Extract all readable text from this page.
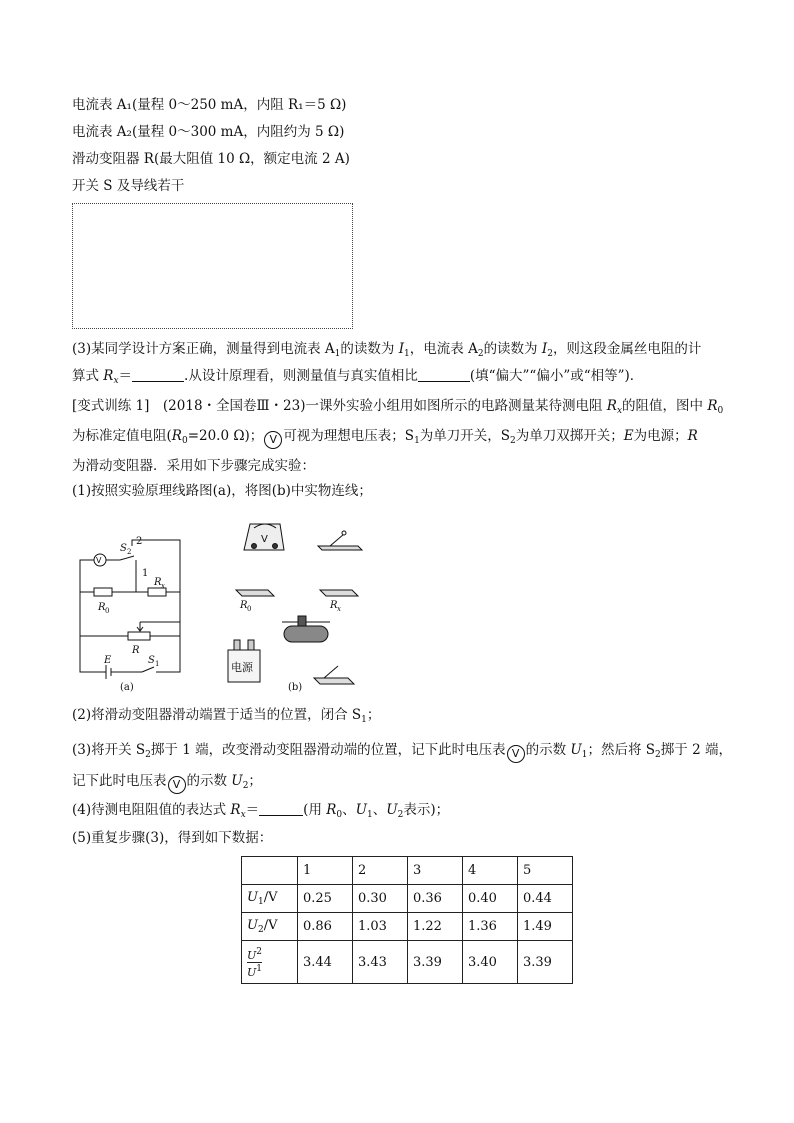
电流表 A₁(量程 0～250 mA，内阻 R₁＝5 Ω)
电流表 A₂(量程 0～300 mA，内阻约为 5 Ω)
滑动变阻器 R(最大阻值 10 Ω，额定电流 2 A)
开关 S 及导线若干
(3)某同学设计方案正确，测量得到电流表 $A_1$的读数为 $I_1$，电流表 $A_2$的读数为 $I_2$，则这段金属丝电阻的计
算式 $R_x=$	.从设计原理看，则测量值与真实值相比	(填“偏大”“偏小”或“相等”)．
[变式训练 1]　(2018・全国卷Ⅲ・23)一课外实验小组用如图所示的电路测量某待测电阻 $R_x$的阻值，图中 $R_0$
为标准定值电阻($R_0=20.0$ Ω)； V 可视为理想电压表；$S_1$为单刀开关，$S_2$为单刀双掷开关；E为电源；R
为滑动变阻器．采用如下步骤完成实验：
(1)按照实验原理线路图(a)，将图(b)中实物连线；
V
S 2
2
1
R 0
R x
R
E	S 1
(a)
V
R 0	R x
电源
(b)
(2)将滑动变阻器滑动端置于适当的位置，闭合 $S_1$；
(3)将开关 $S_2$掷于 1 端，改变滑动变阻器滑动端的位置，记下此时电压表 V 的示数 $U_1$；然后将 $S_2$掷于 2 端，
记下此时电压表 V 的示数 $U_2$；
(4)待测电阻阻值的表达式 $R_x=$	(用 $R_0$、$U_1$、$U_2$表示)；
(5)重复步骤(3)，得到如下数据：
	1	2	3	4	5
$U_1/V$	0.25	0.30	0.36	0.40	0.44
$U_2/V$	0.86	1.03	1.22	1.36	1.49

$\frac{U^2}{U^1}$	3.44	3.43	3.39	3.40	3.39
